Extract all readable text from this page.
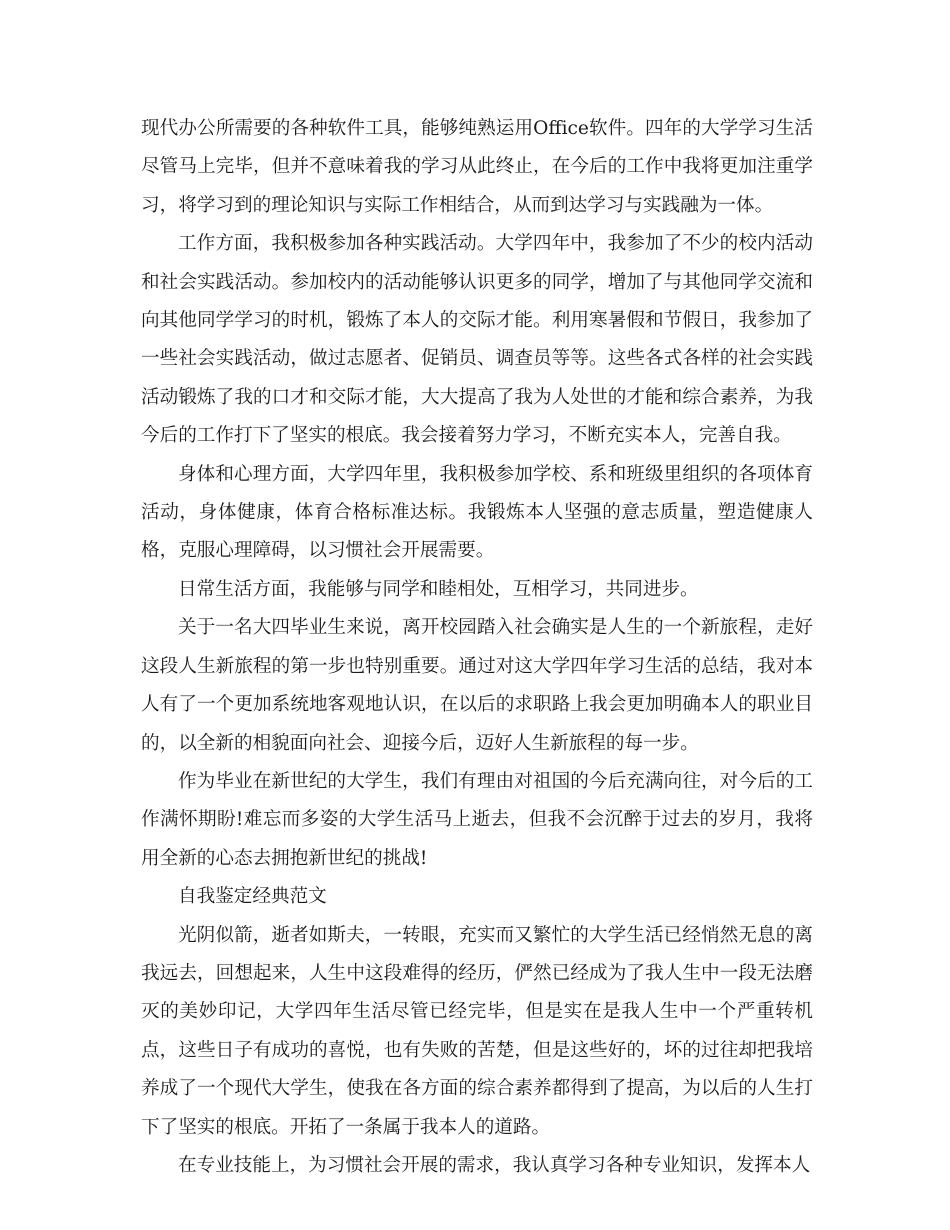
现代办公所需要的各种软件工具，能够纯熟运用Office软件。四年的大学学习生活尽管马上完毕，但并不意味着我的学习从此终止，在今后的工作中我将更加注重学习，将学习到的理论知识与实际工作相结合，从而到达学习与实践融为一体。

工作方面，我积极参加各种实践活动。大学四年中，我参加了不少的校内活动和社会实践活动。参加校内的活动能够认识更多的同学，增加了与其他同学交流和向其他同学学习的时机，锻炼了本人的交际才能。利用寒暑假和节假日，我参加了一些社会实践活动，做过志愿者、促销员、调查员等等。这些各式各样的社会实践活动锻炼了我的口才和交际才能，大大提高了我为人处世的才能和综合素养，为我今后的工作打下了坚实的根底。我会接着努力学习，不断充实本人，完善自我。

身体和心理方面，大学四年里，我积极参加学校、系和班级里组织的各项体育活动，身体健康，体育合格标准达标。我锻炼本人坚强的意志质量，塑造健康人格，克服心理障碍，以习惯社会开展需要。

日常生活方面，我能够与同学和睦相处，互相学习，共同进步。

关于一名大四毕业生来说，离开校园踏入社会确实是人生的一个新旅程，走好这段人生新旅程的第一步也特别重要。通过对这大学四年学习生活的总结，我对本人有了一个更加系统地客观地认识，在以后的求职路上我会更加明确本人的职业目的，以全新的相貌面向社会、迎接今后，迈好人生新旅程的每一步。

作为毕业在新世纪的大学生，我们有理由对祖国的今后充满向往，对今后的工作满怀期盼!难忘而多姿的大学生活马上逝去，但我不会沉醉于过去的岁月，我将用全新的心态去拥抱新世纪的挑战!

自我鉴定经典范文

光阴似箭，逝者如斯夫，一转眼，充实而又繁忙的大学生活已经悄然无息的离我远去，回想起来，人生中这段难得的经历，俨然已经成为了我人生中一段无法磨灭的美妙印记，大学四年生活尽管已经完毕，但是实在是我人生中一个严重转机点，这些日子有成功的喜悦，也有失败的苦楚，但是这些好的，坏的过往却把我培养成了一个现代大学生，使我在各方面的综合素养都得到了提高，为以后的人生打下了坚实的根底。开拓了一条属于我本人的道路。

在专业技能上，为习惯社会开展的需求，我认真学习各种专业知识，发挥本人
